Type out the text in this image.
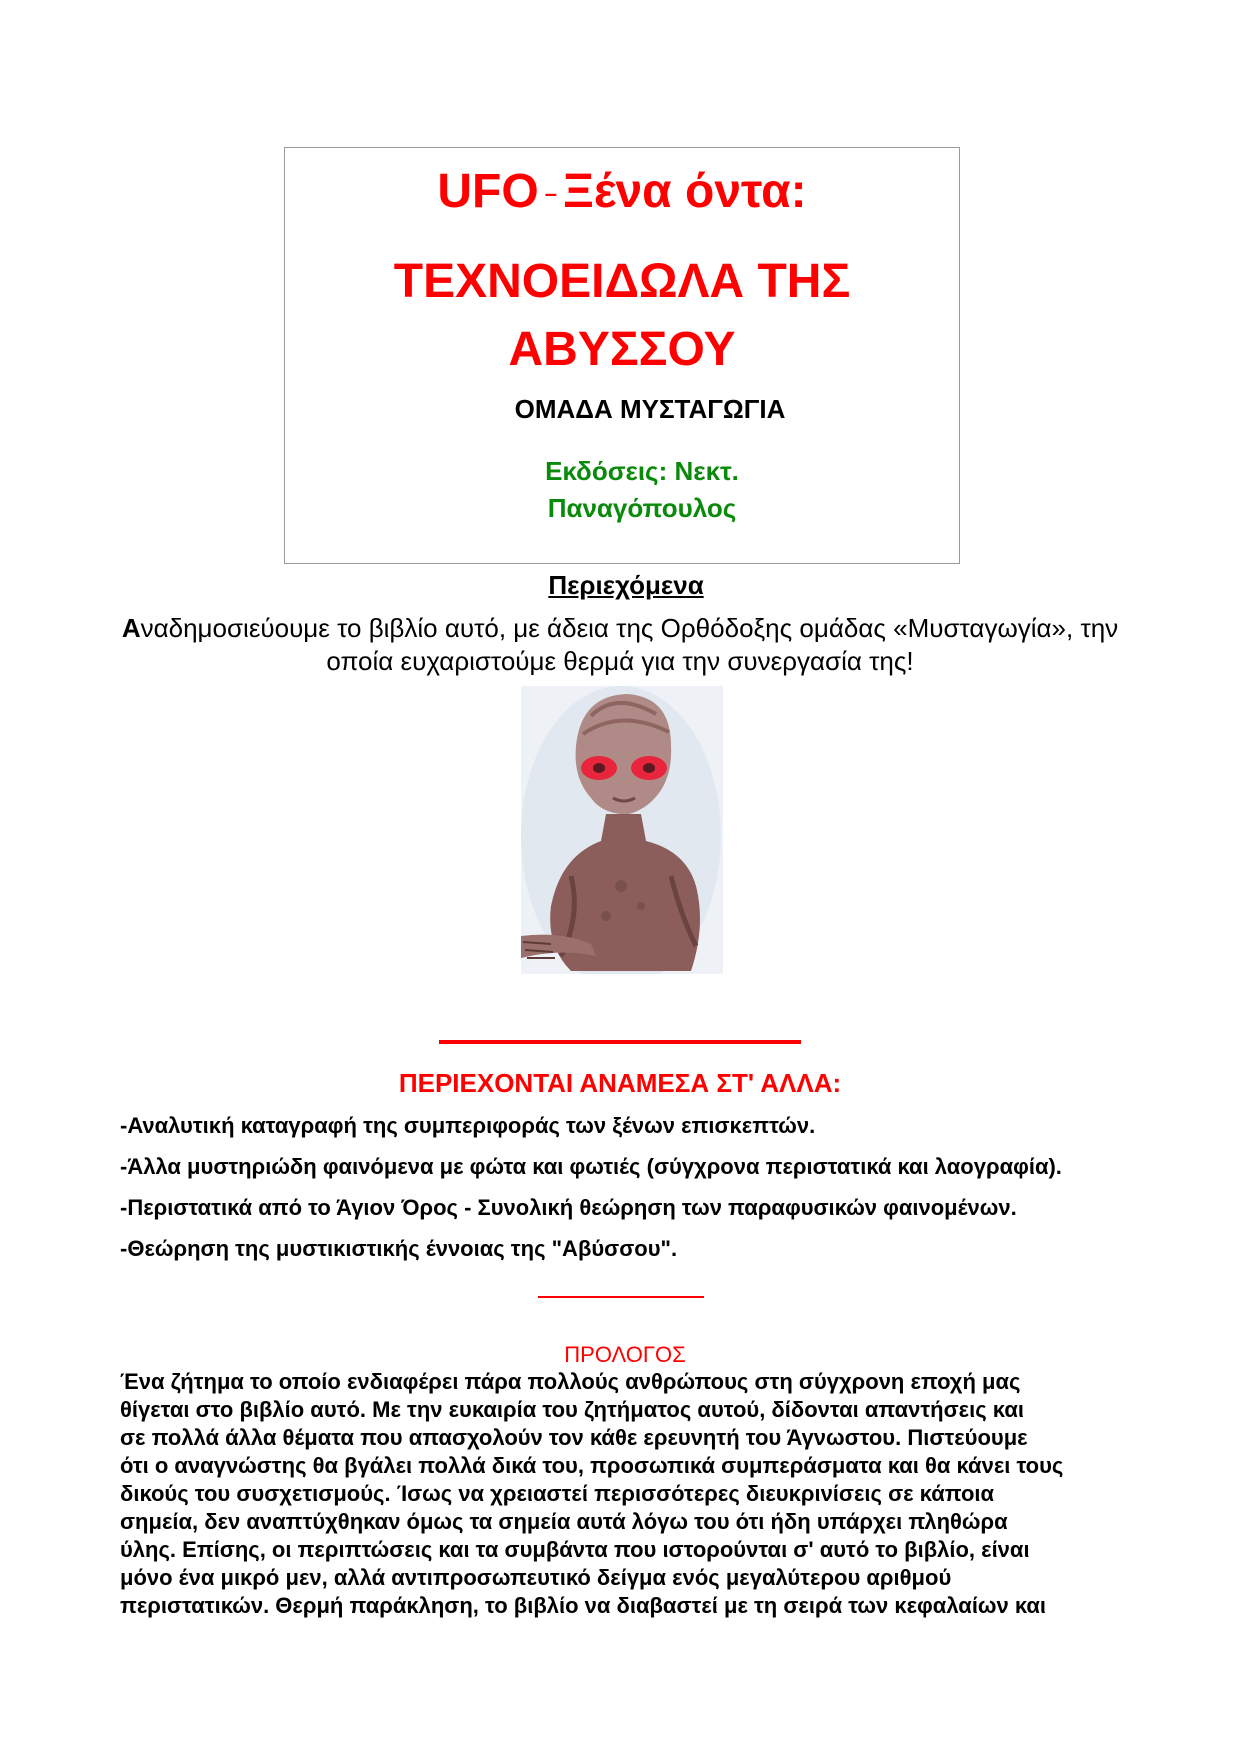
UFO – Ξένα όντα:
ΤΕΧΝΟΕΙΔΩΛΑ ΤΗΣ ΑΒΥΣΣΟΥ
ΟΜΑΔΑ ΜΥΣΤΑΓΩΓΙΑ
Εκδόσεις: Νεκτ. Παναγόπουλος
Περιεχόμενα
Αναδημοσιεύουμε το βιβλίο αυτό, με άδεια της Ορθόδοξης ομάδας «Μυσταγωγία», την οποία ευχαριστούμε θερμά για την συνεργασία της!
ΠΕΡΙΕΧΟΝΤΑΙ ΑΝΑΜΕΣΑ ΣΤ' ΑΛΛΑ:
-Αναλυτική καταγραφή της συμπεριφοράς των ξένων επισκεπτών.
-Άλλα μυστηριώδη φαινόμενα με φώτα και φωτιές (σύγχρονα περιστατικά και λαογραφία).
-Περιστατικά από το Άγιον Όρος - Συνολική θεώρηση των παραφυσικών φαινομένων.
-Θεώρηση της μυστικιστικής έννοιας της "Αβύσσου".
ΠΡΟΛΟΓΟΣ
Ένα ζήτημα το οποίο ενδιαφέρει πάρα πολλούς ανθρώπους στη σύγχρονη εποχή μας
θίγεται στο βιβλίο αυτό. Με την ευκαιρία του ζητήματος αυτού, δίδονται απαντήσεις και
σε πολλά άλλα θέματα που απασχολούν τον κάθε ερευνητή του Άγνωστου. Πιστεύουμε
ότι ο αναγνώστης θα βγάλει πολλά δικά του, προσωπικά συμπεράσματα και θα κάνει τους
δικούς του συσχετισμούς. Ίσως να χρειαστεί περισσότερες διευκρινίσεις σε κάποια
σημεία, δεν αναπτύχθηκαν όμως τα σημεία αυτά λόγω του ότι ήδη υπάρχει πληθώρα
ύλης. Επίσης, οι περιπτώσεις και τα συμβάντα που ιστορούνται σ' αυτό το βιβλίο, είναι
μόνο ένα μικρό μεν, αλλά αντιπροσωπευτικό δείγμα ενός μεγαλύτερου αριθμού
περιστατικών. Θερμή παράκληση, το βιβλίο να διαβαστεί με τη σειρά των κεφαλαίων και
